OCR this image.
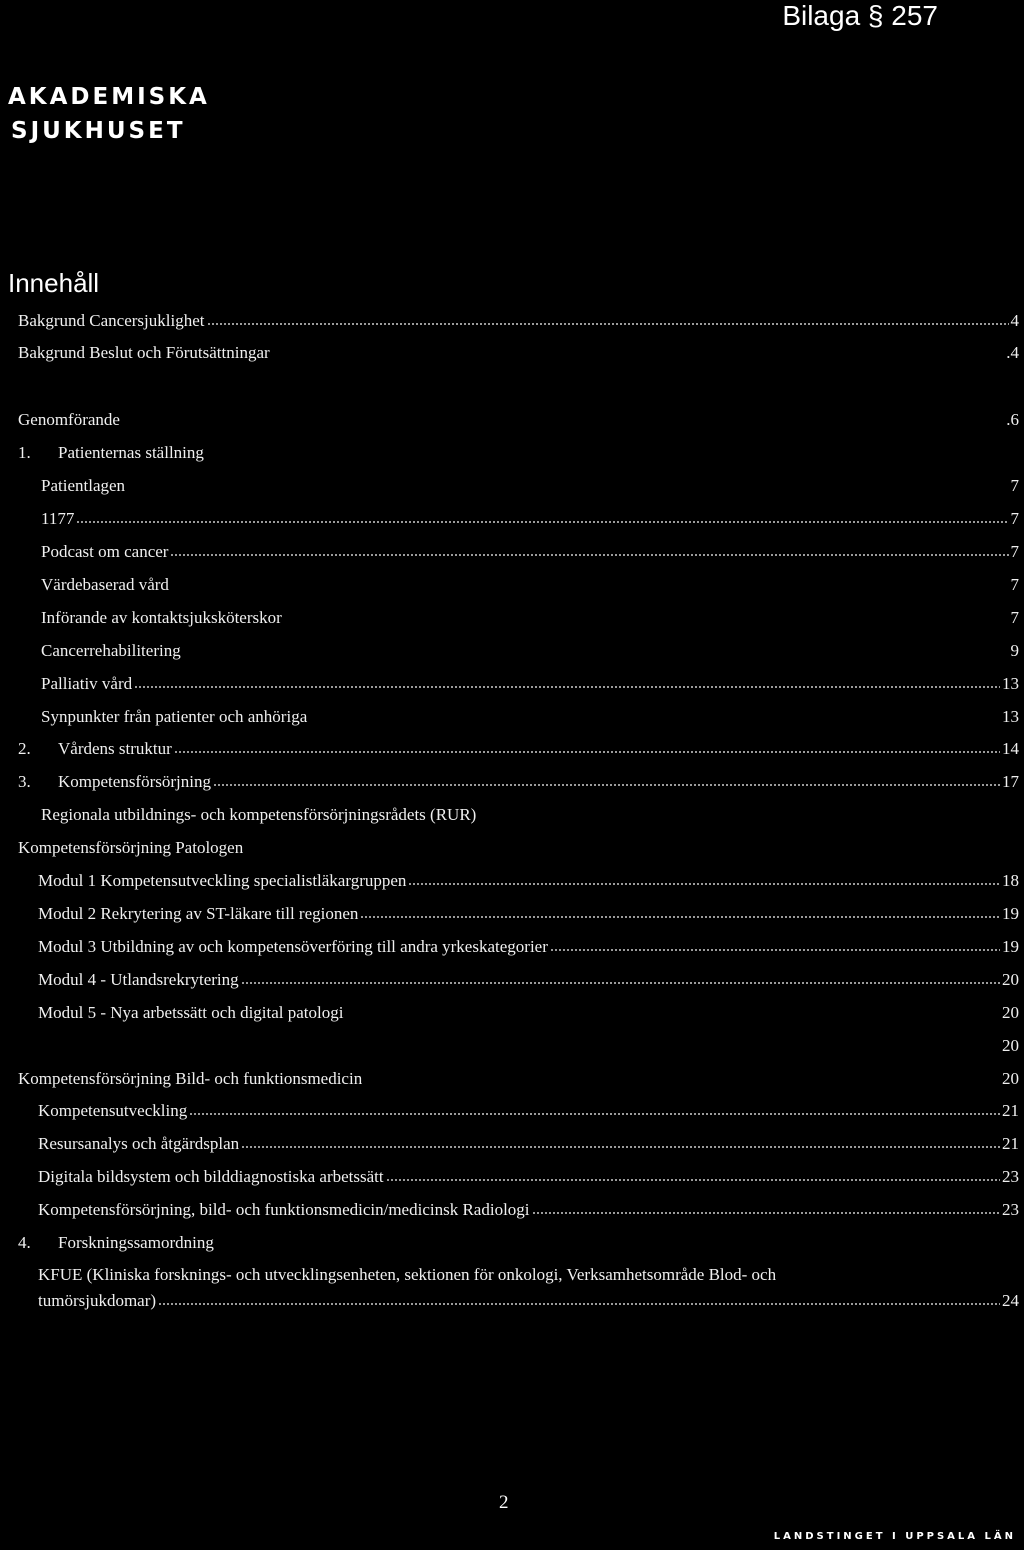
Bilaga § 257
AKADEMISKA
SJUKHUSET
Innehåll
Bakgrund Cancersjuklighet	4
Bakgrund Beslut och Förutsättningar	.4
Genomförande	.6
1. Patienternas ställning
Patientlagen	7
1177	7
Podcast om cancer	7
Värdebaserad vård	7
Införande av kontaktsjuksköterskor	7
Cancerrehabilitering	9
Palliativ vård	13
Synpunkter från patienter och anhöriga	13
2. Vårdens struktur	14
3. Kompetensförsörjning	17
Regionala utbildnings- och kompetensförsörjningsrådets (RUR)
Kompetensförsörjning Patologen
Modul 1 Kompetensutveckling specialistläkargruppen	18
Modul 2 Rekrytering av ST-läkare till regionen	19
Modul 3 Utbildning av och kompetensöverföring till andra yrkeskategorier	19
Modul 4 - Utlandsrekrytering	20
Modul 5 - Nya arbetssätt och digital patologi	20
20
Kompetensförsörjning Bild- och funktionsmedicin	20
Kompetensutveckling	21
Resursanalys och åtgärdsplan	21
Digitala bildsystem och bilddiagnostiska arbetssätt	23
Kompetensförsörjning, bild- och funktionsmedicin/medicinsk Radiologi	23
4. Forskningssamordning
KFUE (Kliniska forsknings- och utvecklingsenheten, sektionen för onkologi, Verksamhetsområde Blod- och
tumörsjukdomar)	24
2
LANDSTINGET I UPPSALA LÄN
